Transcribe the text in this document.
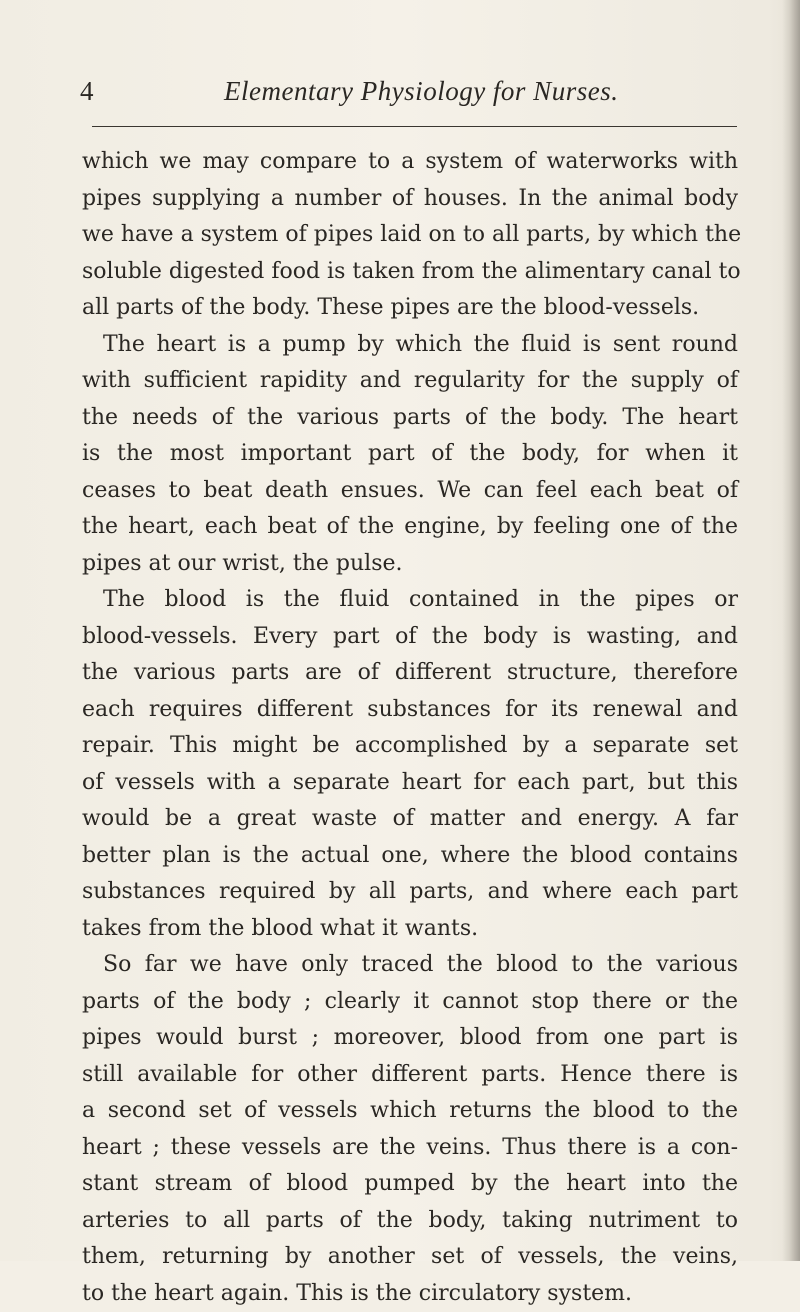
4	Elementary Physiology for Nurses.
which we may compare to a system of waterworks with
pipes supplying a number of houses. In the animal body
we have a system of pipes laid on to all parts, by which the
soluble digested food is taken from the alimentary canal to
all parts of the body. These pipes are the blood-vessels.
The heart is a pump by which the fluid is sent round
with sufficient rapidity and regularity for the supply of
the needs of the various parts of the body. The heart
is the most important part of the body, for when it
ceases to beat death ensues. We can feel each beat of
the heart, each beat of the engine, by feeling one of the
pipes at our wrist, the pulse.
The blood is the fluid contained in the pipes or
blood-vessels. Every part of the body is wasting, and
the various parts are of different structure, therefore
each requires different substances for its renewal and
repair. This might be accomplished by a separate set
of vessels with a separate heart for each part, but this
would be a great waste of matter and energy. A far
better plan is the actual one, where the blood contains
substances required by all parts, and where each part
takes from the blood what it wants.
So far we have only traced the blood to the various
parts of the body ; clearly it cannot stop there or the
pipes would burst ; moreover, blood from one part is
still available for other different parts. Hence there is
a second set of vessels which returns the blood to the
heart ; these vessels are the veins. Thus there is a con-
stant stream of blood pumped by the heart into the
arteries to all parts of the body, taking nutriment to
them, returning by another set of vessels, the veins,
to the heart again. This is the circulatory system.
